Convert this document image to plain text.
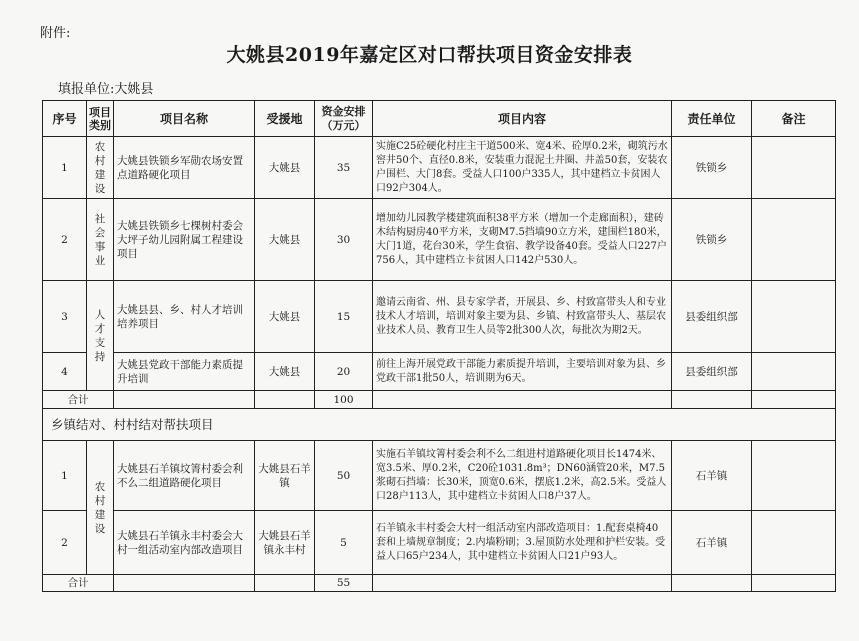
附件:
大姚县2019年嘉定区对口帮扶项目资金安排表
填报单位:大姚县
序号	项目类别	项目名称	受援地	资金安排（万元）	项目内容	责任单位	备注
1	农村建设	大姚县铁锁乡军勋农场安置点道路硬化项目	大姚县	35	实施C25砼硬化村庄主干道500米、宽4米、砼厚0.2米，砌筑污水窖井50个、直径0.8米，安装重力混泥土井圈、井盖50套，安装农户围栏、大门8套。受益人口100户335人，其中建档立卡贫困人口92户304人。	铁锁乡	
2	社会事业	大姚县铁锁乡七棵树村委会大坪子幼儿园附属工程建设项目	大姚县	30	增加幼儿园教学楼建筑面积38平方米（增加一个走廊面积），建砖木结构厨房40平方米，支砌M7.5挡墙90立方米，建围栏180米，大门1道，花台30米，学生食宿、教学设备40套。受益人口227户756人，其中建档立卡贫困人口142户530人。	铁锁乡	
3	人才支持	大姚县县、乡、村人才培训培养项目	大姚县	15	邀请云南省、州、县专家学者，开展县、乡、村致富带头人和专业技术人才培训，培训对象主要为县、乡镇、村致富带头人、基层农业技术人员、教育卫生人员等2批300人次，每批次为期2天。	县委组织部	
4		大姚县党政干部能力素质提升培训	大姚县	20	前往上海开展党政干部能力素质提升培训，主要培训对象为县、乡党政干部1批50人，培训期为6天。	县委组织部	
合计				100			
乡镇结对、村村结对帮扶项目							
1	农村建设	大姚县石羊镇坟箐村委会利不么二组道路硬化项目	大姚县石羊镇	50	实施石羊镇坟箐村委会利不么二组进村道路硬化项目长1474米、宽3.5米、厚0.2米，C20砼1031.8m³；DN60涵管20米，M7.5浆砌石挡墙：长30米，顶宽0.6米，摆底1.2米，高2.5米。受益人口28户113人，其中建档立卡贫困人口8户37人。	石羊镇	
2		大姚县石羊镇永丰村委会大村一组活动室内部改造项目	大姚县石羊镇永丰村	5	石羊镇永丰村委会大村一组活动室内部改造项目：1.配套桌椅40套和上墙规章制度；2.内墙粉刷；3.屋顶防水处理和护栏安装。受益人口65户234人，其中建档立卡贫困人口21户93人。	石羊镇	
合计				55			
